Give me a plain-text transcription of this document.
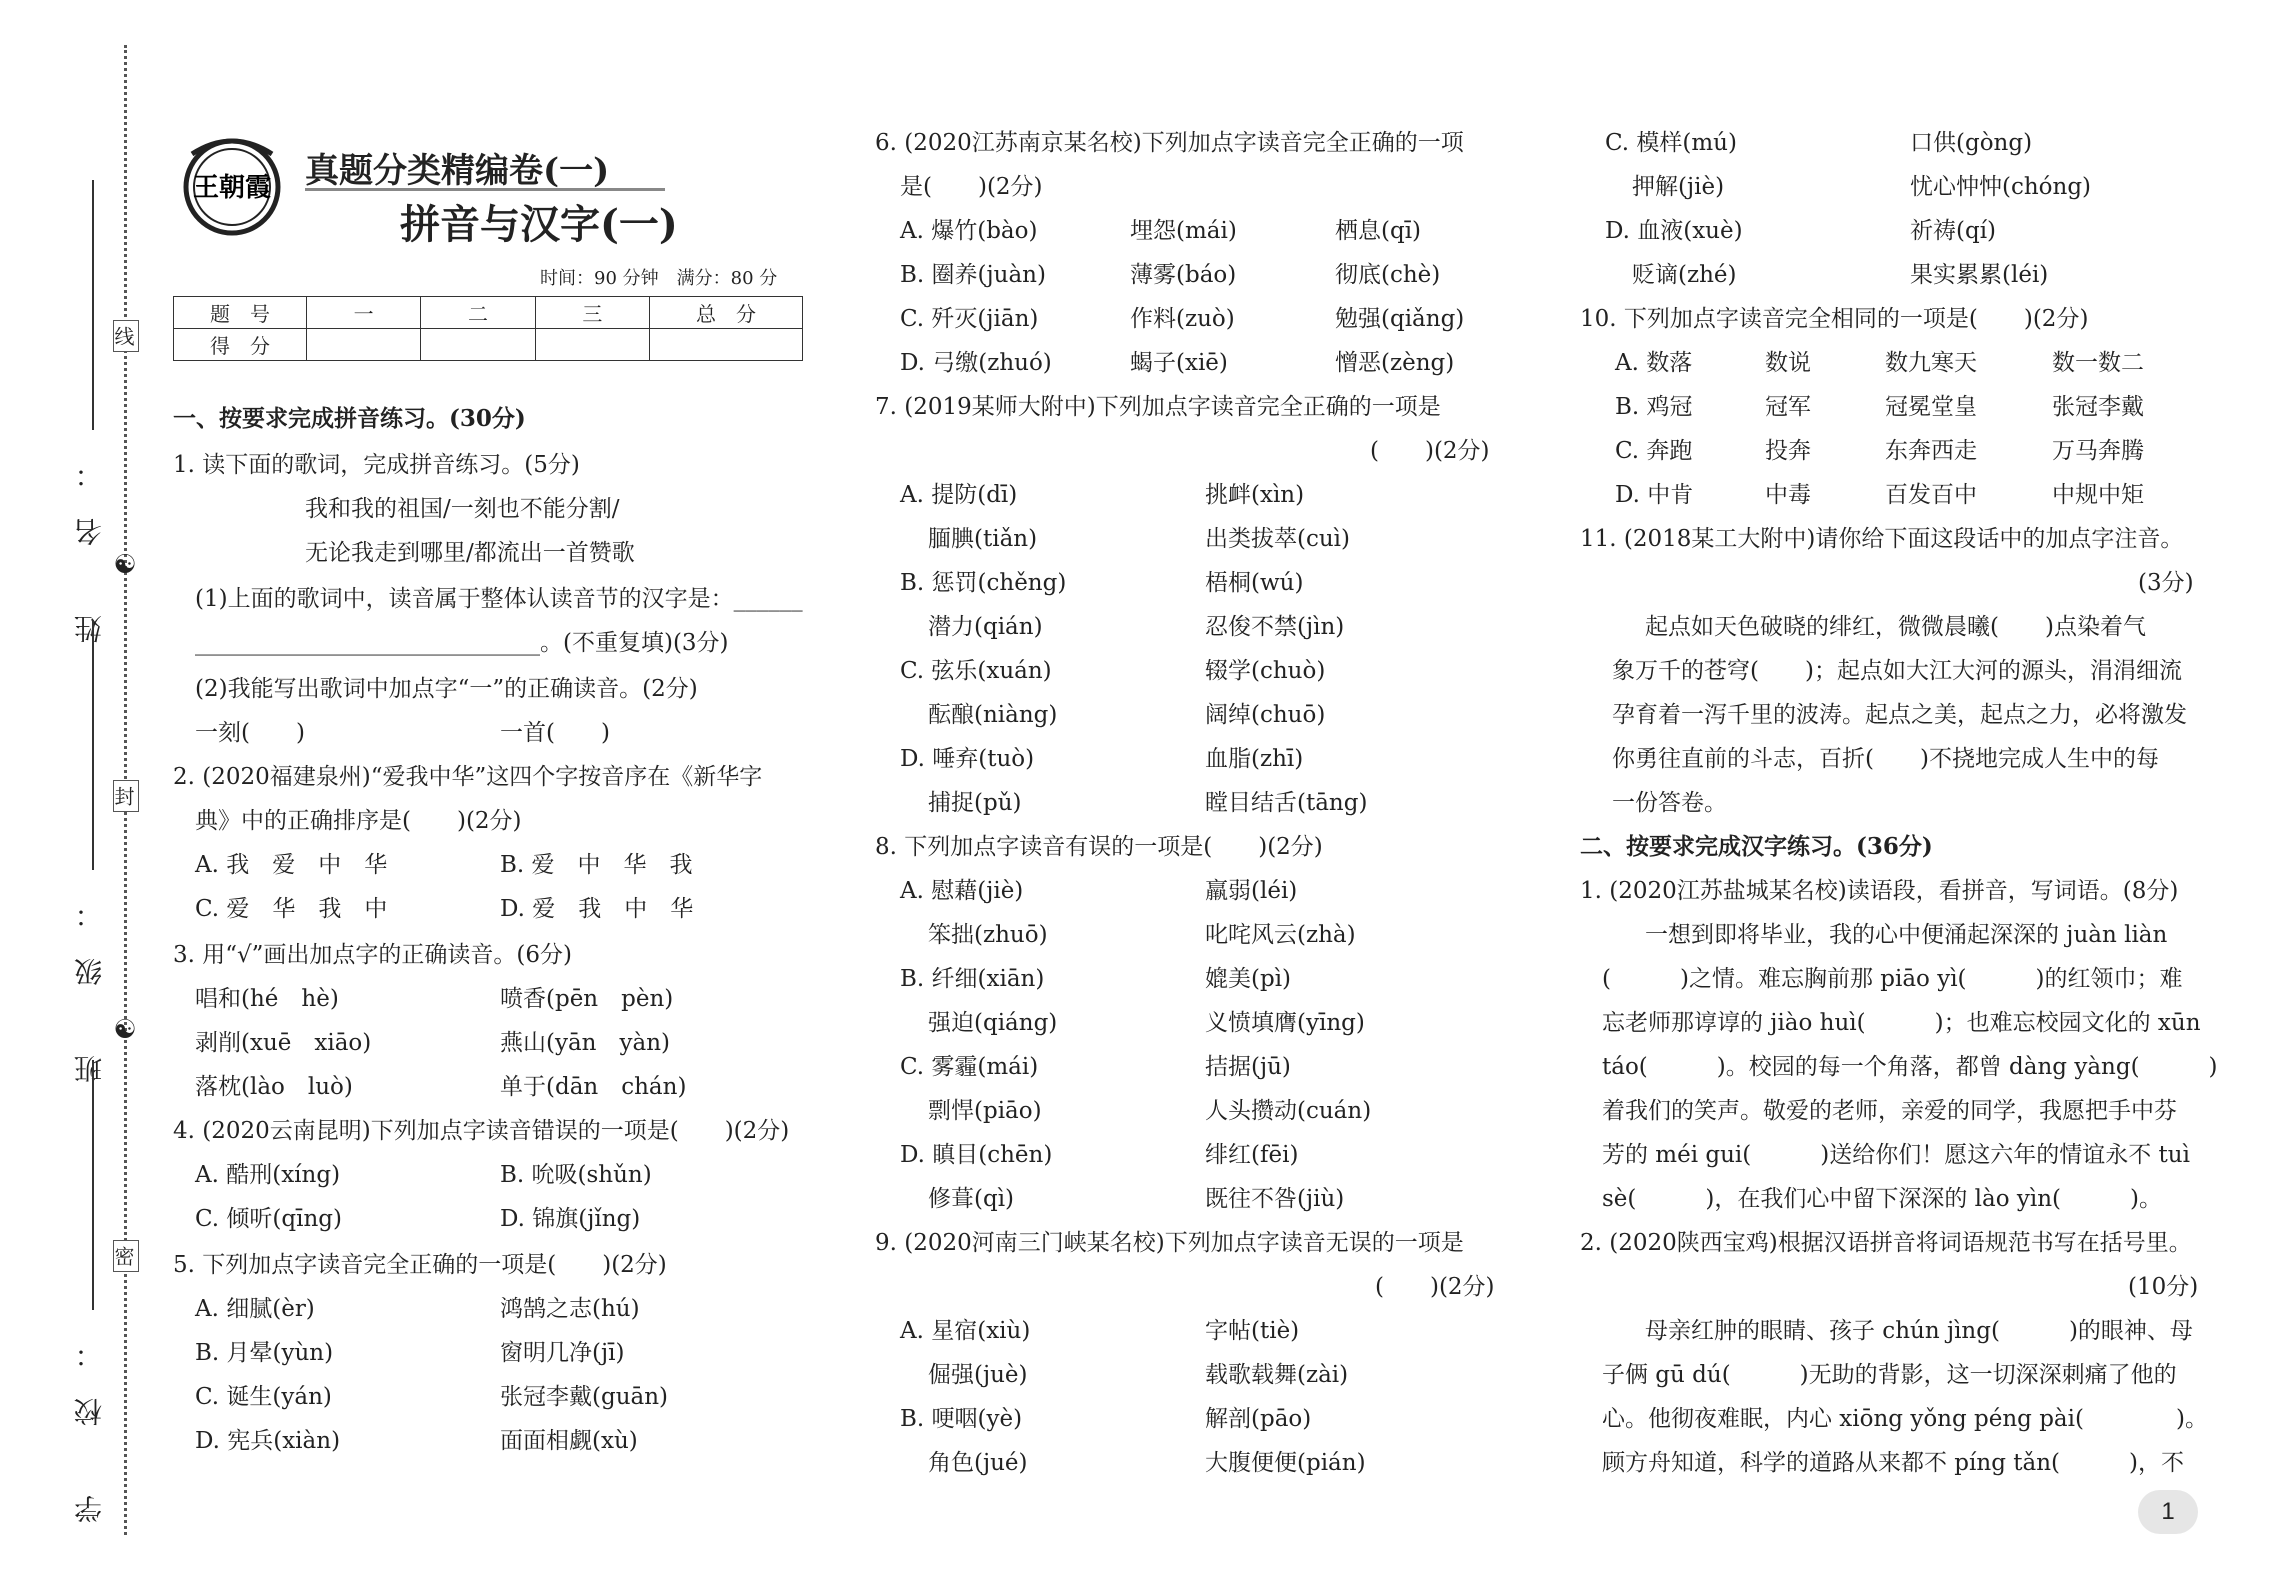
姓 名：
班 级：
学 校：
线
☯
封
☯
密
王朝霞 真题分类精编卷(一)
拼音与汉字(一)
时间：90 分钟　满分：80 分
题　号	一	二	三	总　分
得　分				
一、按要求完成拼音练习。(30分)
1. 读下面的歌词，完成拼音练习。(5分)
我和我的祖国/一刻也不能分割/
无论我走到哪里/都流出一首赞歌
(1)上面的歌词中，读音属于整体认读音节的汉字是：______
______________________________。(不重复填)(3分)
(2)我能写出歌词中加点字“一”的正确读音。(2分)
一刻(　　)	一首(　　)
2. (2020福建泉州)“爱我中华”这四个字按音序在《新华字
典》中的正确排序是(　　)(2分)
A. 我　爱　中　华	B. 爱　中　华　我
C. 爱　华　我　中	D. 爱　我　中　华
3. 用“√”画出加点字的正确读音。(6分)
唱和(hé　hè)	喷香(pēn　pèn)
剥削(xuē　xiāo)	燕山(yān　yàn)
落枕(lào　luò)	单于(dān　chán)
4. (2020云南昆明)下列加点字读音错误的一项是(　　)(2分)
A. 酷刑(xíng)	B. 吮吸(shǔn)
C. 倾听(qīng)	D. 锦旗(jǐng)
5. 下列加点字读音完全正确的一项是(　　)(2分)
A. 细腻(èr)	鸿鹄之志(hú)
B. 月晕(yùn)	窗明几净(jī)
C. 诞生(yán)	张冠李戴(guān)
D. 宪兵(xiàn)	面面相觑(xù)
6. (2020江苏南京某名校)下列加点字读音完全正确的一项
是(　　)(2分)
A. 爆竹(bào)	埋怨(mái)	栖息(qī)
B. 圈养(juàn)	薄雾(báo)	彻底(chè)
C. 歼灭(jiān)	作料(zuò)	勉强(qiǎng)
D. 弓缴(zhuó)	蝎子(xiē)	憎恶(zèng)
7. (2019某师大附中)下列加点字读音完全正确的一项是
(　　)(2分)
A. 提防(dī)	挑衅(xìn)
腼腆(tiǎn)	出类拔萃(cuì)
B. 惩罚(chěng)	梧桐(wú)
潜力(qián)	忍俊不禁(jìn)
C. 弦乐(xuán)	辍学(chuò)
酝酿(niàng)	阔绰(chuō)
D. 唾弃(tuò)	血脂(zhī)
捕捉(pǔ)	瞠目结舌(tāng)
8. 下列加点字读音有误的一项是(　　)(2分)
A. 慰藉(jiè)	羸弱(léi)
笨拙(zhuō)	叱咤风云(zhà)
B. 纤细(xiān)	媲美(pì)
强迫(qiáng)	义愤填膺(yīng)
C. 雾霾(mái)	拮据(jū)
剽悍(piāo)	人头攒动(cuán)
D. 瞋目(chēn)	绯红(fēi)
修葺(qì)	既往不咎(jiù)
9. (2020河南三门峡某名校)下列加点字读音无误的一项是
(　　)(2分)
A. 星宿(xiù)	字帖(tiè)
倔强(juè)	载歌载舞(zài)
B. 哽咽(yè)	解剖(pāo)
角色(jué)	大腹便便(pián)
C. 模样(mú)	口供(gòng)
押解(jiè)	忧心忡忡(chóng)
D. 血液(xuè)	祈祷(qí)
贬谪(zhé)	果实累累(léi)
10. 下列加点字读音完全相同的一项是(　　)(2分)
A. 数落	数说	数九寒天	数一数二
B. 鸡冠	冠军	冠冕堂皇	张冠李戴
C. 奔跑	投奔	东奔西走	万马奔腾
D. 中肯	中毒	百发百中	中规中矩
11. (2018某工大附中)请你给下面这段话中的加点字注音。
(3分)
起点如天色破晓的绯红，微微晨曦(　　)点染着气
象万千的苍穹(　　)；起点如大江大河的源头，涓涓细流
孕育着一泻千里的波涛。起点之美，起点之力，必将激发
你勇往直前的斗志，百折(　　)不挠地完成人生中的每
一份答卷。
二、按要求完成汉字练习。(36分)
1. (2020江苏盐城某名校)读语段，看拼音，写词语。(8分)
一想到即将毕业，我的心中便涌起深深的 juàn liàn
(　　　)之情。难忘胸前那 piāo yì(　　　)的红领巾；难
忘老师那谆谆的 jiào huì(　　　)；也难忘校园文化的 xūn
táo(　　　)。校园的每一个角落，都曾 dàng yàng(　　　)
着我们的笑声。敬爱的老师，亲爱的同学，我愿把手中芬
芳的 méi gui(　　　)送给你们！愿这六年的情谊永不 tuì
sè(　　　)，在我们心中留下深深的 lào yìn(　　　)。
2. (2020陕西宝鸡)根据汉语拼音将词语规范书写在括号里。
(10分)
母亲红肿的眼睛、孩子 chún jìng(　　　)的眼神、母
子俩 gū dú(　　　)无助的背影，这一切深深刺痛了他的
心。他彻夜难眠，内心 xiōng yǒng péng pài(　　　　)。
顾方舟知道，科学的道路从来都不 píng tǎn(　　　)，不
1
